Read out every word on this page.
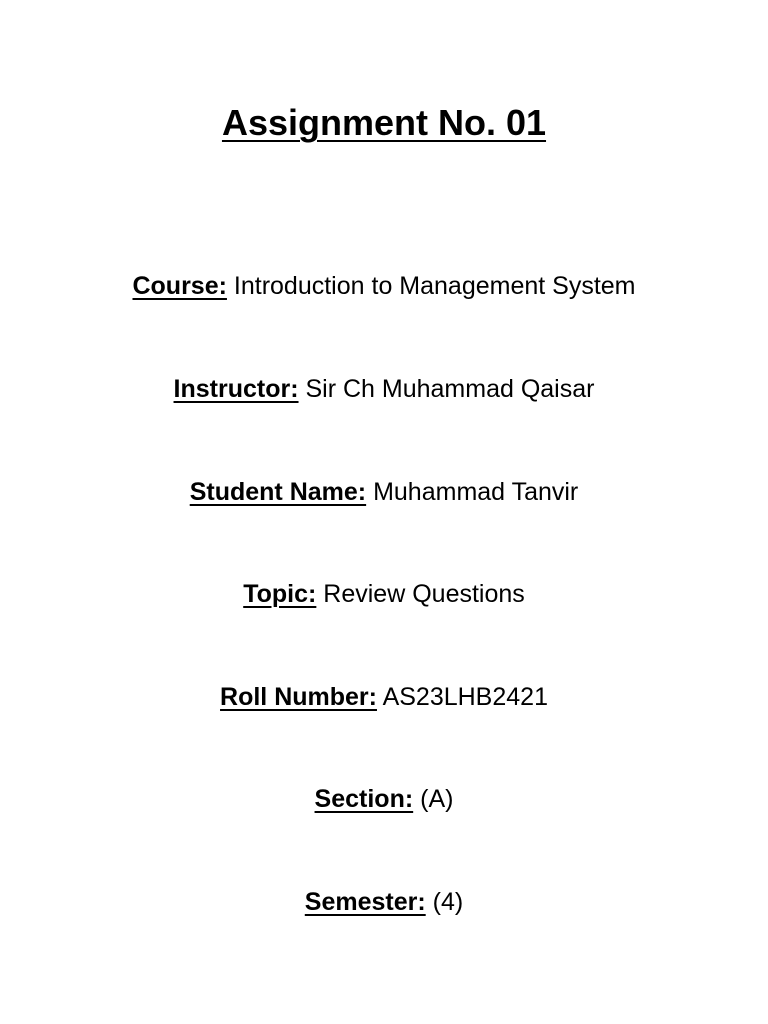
Assignment No. 01
Course: Introduction to Management System
Instructor: Sir Ch Muhammad Qaisar
Student Name: Muhammad Tanvir
Topic: Review Questions
Roll Number: AS23LHB2421
Section: (A)
Semester: (4)
